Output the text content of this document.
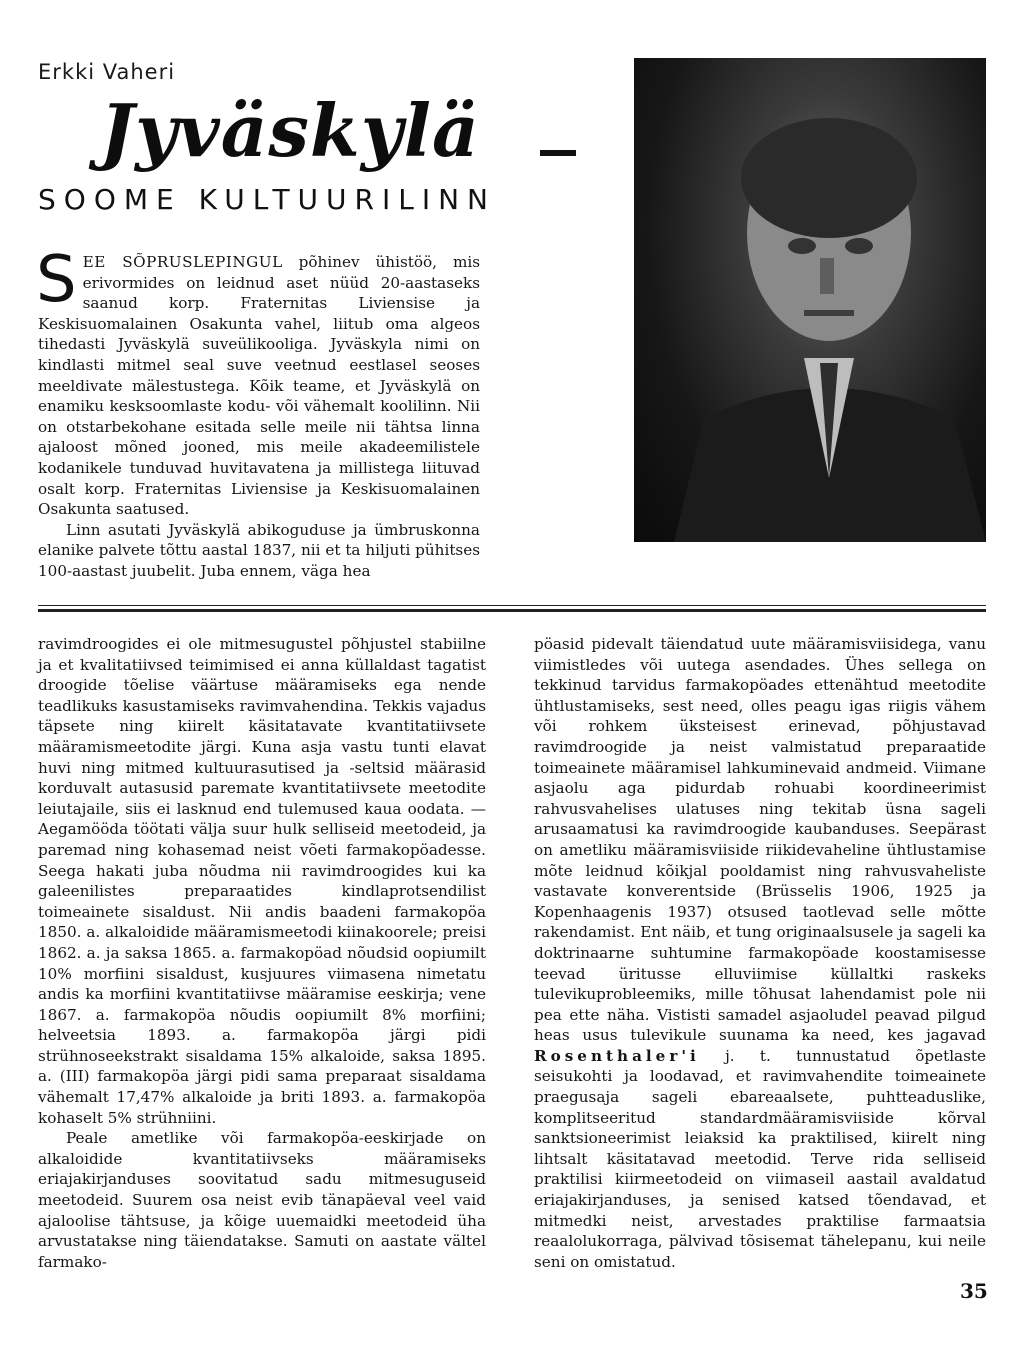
Erkki Vaheri
Jyväskylä
SOOME KULTUURILINN

SEE SÕPRUSLEPINGUL põhinev ühistöö, mis erivormides on leidnud aset nüüd 20-aastaseks saanud korp. Fraternitas Liviensise ja Keskisuomalainen Osakunta vahel, liitub oma algeos tihedasti Jyväskylä suveülikooliga. Jyväskyla nimi on kindlasti mitmel seal suve veetnud eestlasel seoses meeldivate mälestustega. Kõik teame, et Jyväskylä on enamiku kesksoomlaste kodu- või vähemalt koolilinn. Nii on otstarbekohane esitada selle meile nii tähtsa linna ajaloost mõned jooned, mis meile akadeemilistele kodanikele tunduvad huvitavatena ja millistega liituvad osalt korp. Fraternitas Liviensise ja Keskisuomalainen Osakunta saatused.

Linn asutati Jyväskylä abikoguduse ja ümbruskonna elanike palvete tõttu aastal 1837, nii et ta hiljuti pühitses 100-aastast juubelit. Juba ennem, väga hea

ravimdroogides ei ole mitmesugustel põhjustel stabiilne ja et kvalitatiivsed teimimised ei anna küllaldast tagatist droogide tõelise väärtuse määramiseks ega nende teadlikuks kasustamiseks ravimvahendina. Tekkis vajadus täpsete ning kiirelt käsitatavate kvantitatiivsete määramismeetodite järgi. Kuna asja vastu tunti elavat huvi ning mitmed kultuurasutised ja -seltsid määrasid korduvalt autasusid paremate kvantitatiivsete meetodite leiutajaile, siis ei lasknud end tulemused kaua oodata. — Aegamööda töötati välja suur hulk selliseid meetodeid, ja paremad ning kohasemad neist võeti farmakopöadesse. Seega hakati juba nõudma nii ravimdroogides kui ka galeenilistes preparaatides kindlaprotsendilist toimeainete sisaldust. Nii andis baadeni farmakopöa 1850. a. alkaloidide määramismeetodi kiinakoorele; preisi 1862. a. ja saksa 1865. a. farmakopöad nõudsid oopiumilt 10% morfiini sisaldust, kusjuures viimasena nimetatu andis ka morfiini kvantitatiivse määramise eeskirja; vene 1867. a. farmakopöa nõudis oopiumilt 8% morfiini; helveetsia 1893. a. farmakopöa järgi pidi strühnoseekstrakt sisaldama 15% alkaloide, saksa 1895. a. (III) farmakopöa järgi pidi sama preparaat sisaldama vähemalt 17,47% alkaloide ja briti 1893. a. farmakopöa kohaselt 5% strühniini.

Peale ametlike või farmakopöa-eeskirjade on alkaloidide kvantitatiivseks määramiseks eriajakirjanduses soovitatud sadu mitmesuguseid meetodeid. Suurem osa neist evib tänapäeval veel vaid ajaloolise tähtsuse, ja kõige uuemaidki meetodeid üha arvustatakse ning täiendatakse. Samuti on aastate vältel farmako-

pöasid pidevalt täiendatud uute määramisviisidega, vanu viimistledes või uutega asendades. Ühes sellega on tekkinud tarvidus farmakopöades ettenähtud meetodite ühtlustamiseks, sest need, olles peagu igas riigis vähem või rohkem üksteisest erinevad, põhjustavad ravimdroogide ja neist valmistatud preparaatide toimeainete määramisel lahkuminevaid andmeid. Viimane asjaolu aga pidurdab rohuabi koordineerimist rahvusvahelises ulatuses ning tekitab üsna sageli arusaamatusi ka ravimdroogide kaubanduses. Seepärast on ametliku määramisviiside riikidevaheline ühtlustamise mõte leidnud kõikjal pooldamist ning rahvusvaheliste vastavate konverentside (Brüsselis 1906, 1925 ja Kopenhaagenis 1937) otsused taotlevad selle mõtte rakendamist. Ent näib, et tung originaalsusele ja sageli ka doktrinaarne suhtumine farmakopöade koostamisesse teevad üritusse elluviimise küllaltki raskeks tulevikuprobleemiks, mille tõhusat lahendamist pole nii pea ette näha. Vististi samadel asjaoludel peavad pilgud heas usus tulevikule suunama ka need, kes jagavad Rosenthaler'i j. t. tunnustatud õpetlaste seisukohti ja loodavad, et ravimvahendite toimeainete praegusaja sageli ebareaalsete, puhtteaduslike, komplitseeritud standardmääramisviiside kõrval sanktsioneerimist leiaksid ka praktilised, kiirelt ning lihtsalt käsitatavad meetodid. Terve rida selliseid praktilisi kiirmeetodeid on viimaseil aastail avaldatud eriajakirjanduses, ja senised katsed tõendavad, et mitmedki neist, arvestades praktilise farmaatsia reaalolukorraga, pälvivad tõsisemat tähelepanu, kui neile seni on omistatud.

35
